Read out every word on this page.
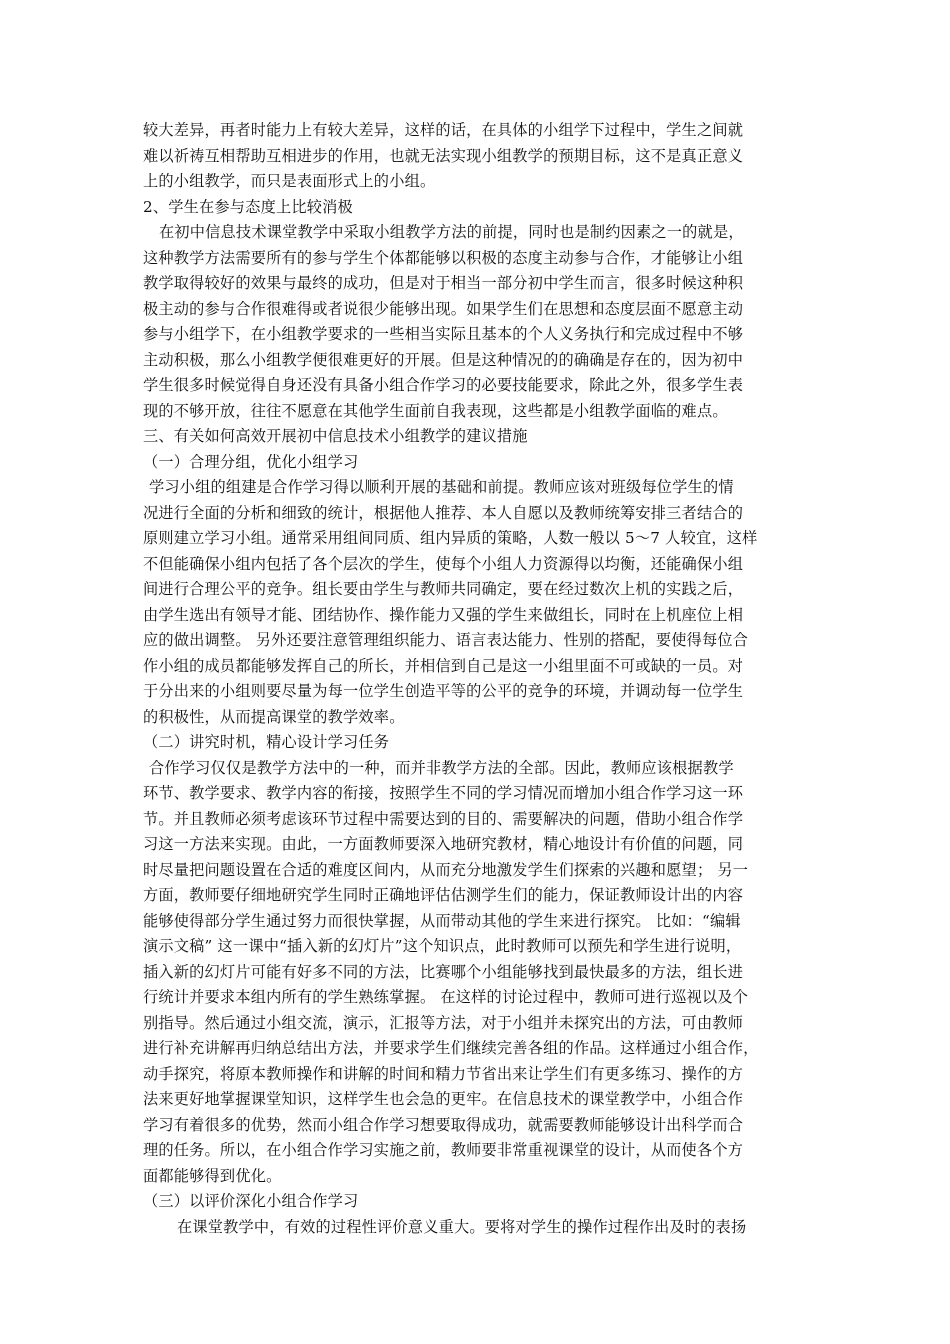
较大差异，再者时能力上有较大差异，这样的话，在具体的小组学下过程中，学生之间就
难以祈祷互相帮助互相进步的作用，也就无法实现小组教学的预期目标，这不是真正意义
上的小组教学，而只是表面形式上的小组。
2、学生在参与态度上比较消极
在初中信息技术课堂教学中采取小组教学方法的前提，同时也是制约因素之一的就是，
这种教学方法需要所有的参与学生个体都能够以积极的态度主动参与合作，才能够让小组
教学取得较好的效果与最终的成功，但是对于相当一部分初中学生而言，很多时候这种积
极主动的参与合作很难得或者说很少能够出现。如果学生们在思想和态度层面不愿意主动
参与小组学下，在小组教学要求的一些相当实际且基本的个人义务执行和完成过程中不够
主动积极，那么小组教学便很难更好的开展。但是这种情况的的确确是存在的，因为初中
学生很多时候觉得自身还没有具备小组合作学习的必要技能要求，除此之外，很多学生表
现的不够开放，往往不愿意在其他学生面前自我表现，这些都是小组教学面临的难点。
三、有关如何高效开展初中信息技术小组教学的建议措施
（一）合理分组，优化小组学习
学习小组的组建是合作学习得以顺利开展的基础和前提。教师应该对班级每位学生的情
况进行全面的分析和细致的统计，根据他人推荐、本人自愿以及教师统筹安排三者结合的
原则建立学习小组。通常采用组间同质、组内异质的策略，人数一般以 5～7 人较宜，这样
不但能确保小组内包括了各个层次的学生，使每个小组人力资源得以均衡，还能确保小组
间进行合理公平的竞争。组长要由学生与教师共同确定，要在经过数次上机的实践之后，
由学生选出有领导才能、团结协作、操作能力又强的学生来做组长，同时在上机座位上相
应的做出调整。 另外还要注意管理组织能力、语言表达能力、性别的搭配，要使得每位合
作小组的成员都能够发挥自己的所长，并相信到自己是这一小组里面不可或缺的一员。对
于分出来的小组则要尽量为每一位学生创造平等的公平的竞争的环境，并调动每一位学生
的积极性，从而提高课堂的教学效率。
（二）讲究时机，精心设计学习任务
合作学习仅仅是教学方法中的一种，而并非教学方法的全部。因此，教师应该根据教学
环节、教学要求、教学内容的衔接，按照学生不同的学习情况而增加小组合作学习这一环
节。并且教师必须考虑该环节过程中需要达到的目的、需要解决的问题，借助小组合作学
习这一方法来实现。由此，一方面教师要深入地研究教材，精心地设计有价值的问题，同
时尽量把问题设置在合适的难度区间内，从而充分地激发学生们探索的兴趣和愿望； 另一
方面，教师要仔细地研究学生同时正确地评估估测学生们的能力，保证教师设计出的内容
能够使得部分学生通过努力而很快掌握，从而带动其他的学生来进行探究。 比如：“编辑
演示文稿” 这一课中“插入新的幻灯片”这个知识点，此时教师可以预先和学生进行说明，
插入新的幻灯片可能有好多不同的方法，比赛哪个小组能够找到最快最多的方法，组长进
行统计并要求本组内所有的学生熟练掌握。 在这样的讨论过程中，教师可进行巡视以及个
别指导。然后通过小组交流，演示，汇报等方法，对于小组并未探究出的方法，可由教师
进行补充讲解再归纳总结出方法，并要求学生们继续完善各组的作品。这样通过小组合作，
动手探究，将原本教师操作和讲解的时间和精力节省出来让学生们有更多练习、操作的方
法来更好地掌握课堂知识，这样学生也会急的更牢。在信息技术的课堂教学中，小组合作
学习有着很多的优势，然而小组合作学习想要取得成功，就需要教师能够设计出科学而合
理的任务。所以，在小组合作学习实施之前，教师要非常重视课堂的设计，从而使各个方
面都能够得到优化。
（三）以评价深化小组合作学习
在课堂教学中，有效的过程性评价意义重大。要将对学生的操作过程作出及时的表扬
